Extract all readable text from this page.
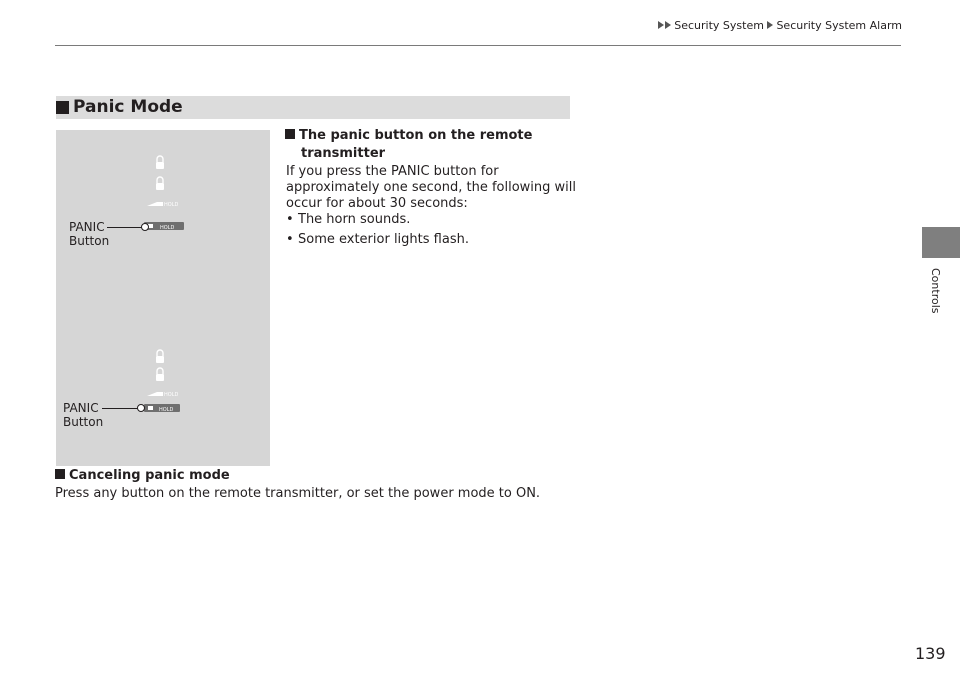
Security System Security System Alarm
Controls
Panic Mode
HOLD
HOLD
PANIC
Button
HOLD
HOLD
PANIC
Button
The panic button on the remote
transmitter
If you press the PANIC button for
approximately one second, the following will
occur for about 30 seconds:
• The horn sounds.
• Some exterior lights flash.
Canceling panic mode
Press any button on the remote transmitter, or set the power mode to ON.
139
